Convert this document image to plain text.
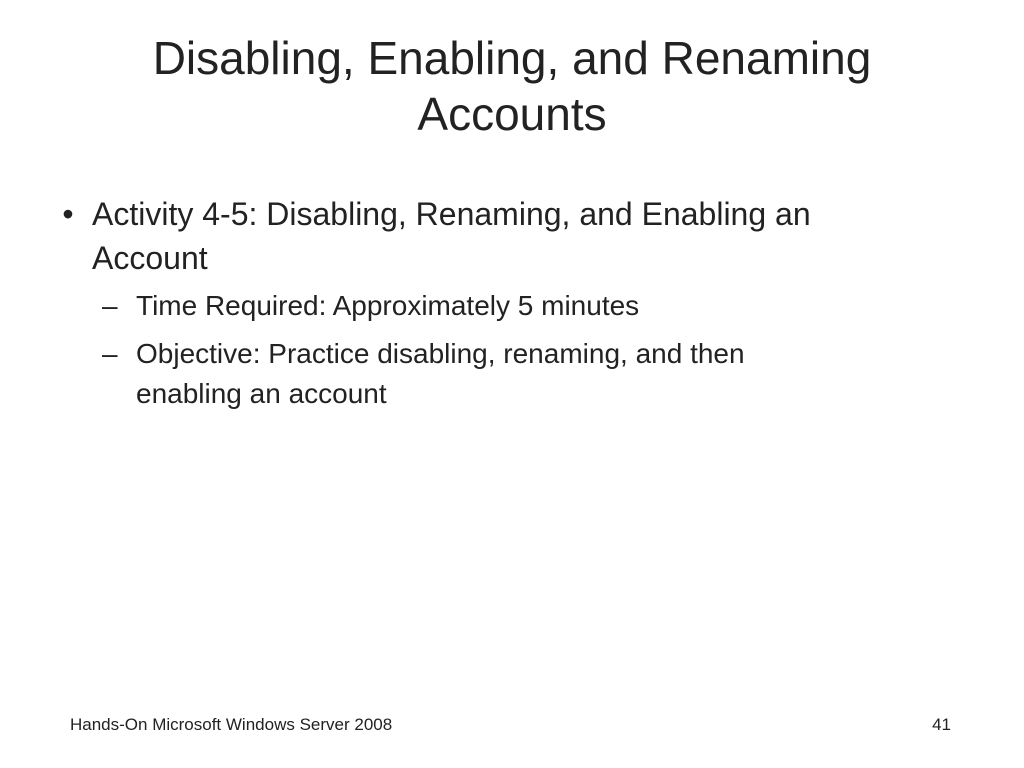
Disabling, Enabling, and Renaming
Accounts
• Activity 4-5: Disabling, Renaming, and Enabling an
Account
– Time Required: Approximately 5 minutes
– Objective: Practice disabling, renaming, and then
enabling an account
Hands-On Microsoft Windows Server 2008	41
